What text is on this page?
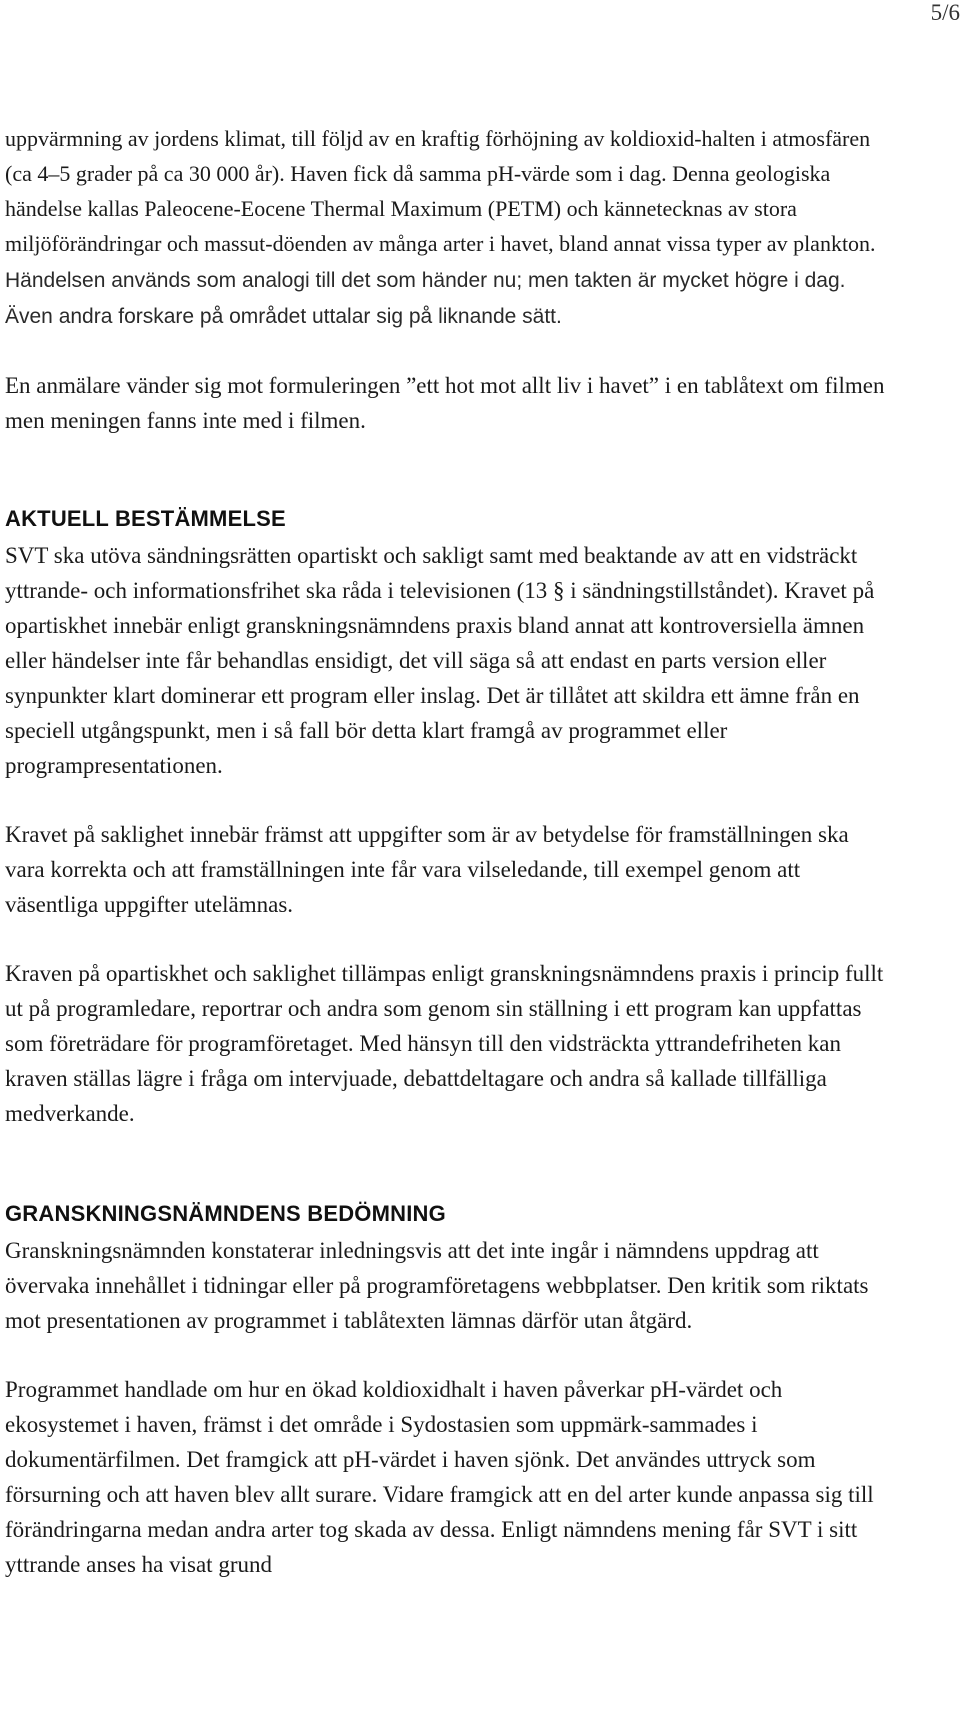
5/6

uppvärmning av jordens klimat, till följd av en kraftig förhöjning av koldioxid-halten i atmosfären (ca 4–5 grader på ca 30 000 år). Haven fick då samma pH-värde som i dag. Denna geologiska händelse kallas Paleocene-Eocene Thermal Maximum (PETM) och kännetecknas av stora miljöförändringar och massut-döenden av många arter i havet, bland annat vissa typer av plankton. Händelsen används som analogi till det som händer nu; men takten är mycket högre i dag. Även andra forskare på området uttalar sig på liknande sätt.

En anmälare vänder sig mot formuleringen ”ett hot mot allt liv i havet” i en tablåtext om filmen men meningen fanns inte med i filmen.

AKTUELL BESTÄMMELSE

SVT ska utöva sändningsrätten opartiskt och sakligt samt med beaktande av att en vidsträckt yttrande- och informationsfrihet ska råda i televisionen (13 § i sändningstillståndet). Kravet på opartiskhet innebär enligt granskningsnämndens praxis bland annat att kontroversiella ämnen eller händelser inte får behandlas ensidigt, det vill säga så att endast en parts version eller synpunkter klart dominerar ett program eller inslag. Det är tillåtet att skildra ett ämne från en speciell utgångspunkt, men i så fall bör detta klart framgå av programmet eller programpresentationen.

Kravet på saklighet innebär främst att uppgifter som är av betydelse för framställningen ska vara korrekta och att framställningen inte får vara vilseledande, till exempel genom att väsentliga uppgifter utelämnas.

Kraven på opartiskhet och saklighet tillämpas enligt granskningsnämndens praxis i princip fullt ut på programledare, reportrar och andra som genom sin ställning i ett program kan uppfattas som företrädare för programföretaget. Med hänsyn till den vidsträckta yttrandefriheten kan kraven ställas lägre i fråga om intervjuade, debattdeltagare och andra så kallade tillfälliga medverkande.

GRANSKNINGSNÄMNDENS BEDÖMNING

Granskningsnämnden konstaterar inledningsvis att det inte ingår i nämndens uppdrag att övervaka innehållet i tidningar eller på programföretagens webbplatser. Den kritik som riktats mot presentationen av programmet i tablåtexten lämnas därför utan åtgärd.

Programmet handlade om hur en ökad koldioxidhalt i haven påverkar pH-värdet och ekosystemet i haven, främst i det område i Sydostasien som uppmärk-sammades i dokumentärfilmen. Det framgick att pH-värdet i haven sjönk. Det användes uttryck som försurning och att haven blev allt surare. Vidare framgick att en del arter kunde anpassa sig till förändringarna medan andra arter tog skada av dessa. Enligt nämndens mening får SVT i sitt yttrande anses ha visat grund
